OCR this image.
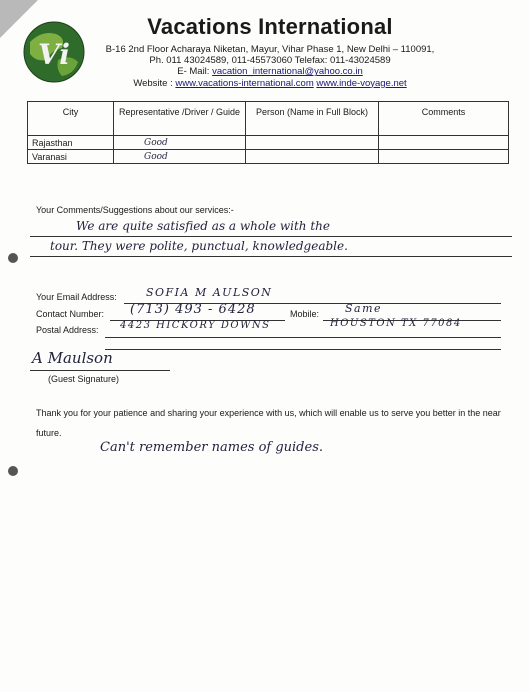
Vi
Vacations International
B-16 2nd Floor Acharaya Niketan, Mayur, Vihar Phase 1, New Delhi – 110091,
Ph. 011 43024589, 011-45573060 Telefax: 011-43024589
E- Mail: vacation_international@yahoo.co.in
Website : www.vacations-international.com www.inde-voyage.net
City	Representative /Driver / Guide	Person (Name in Full Block)	Comments
Rajasthan	Good		
Varanasi	Good		
Your Comments/Suggestions about our services:-
We are quite satisfied as a whole with the
tour. They were polite, punctual, knowledgeable.
Your Email Address:	SOFIA M AULSON
Contact Number: (713) 493 - 6428	Mobile: Same
Postal Address: 4423 HICKORY DOWNS	HOUSTON TX 77084
A Maulson
(Guest Signature)
Thank you for your patience and sharing your experience with us, which will enable us to serve you better in the near future.
Can't remember names of guides.
